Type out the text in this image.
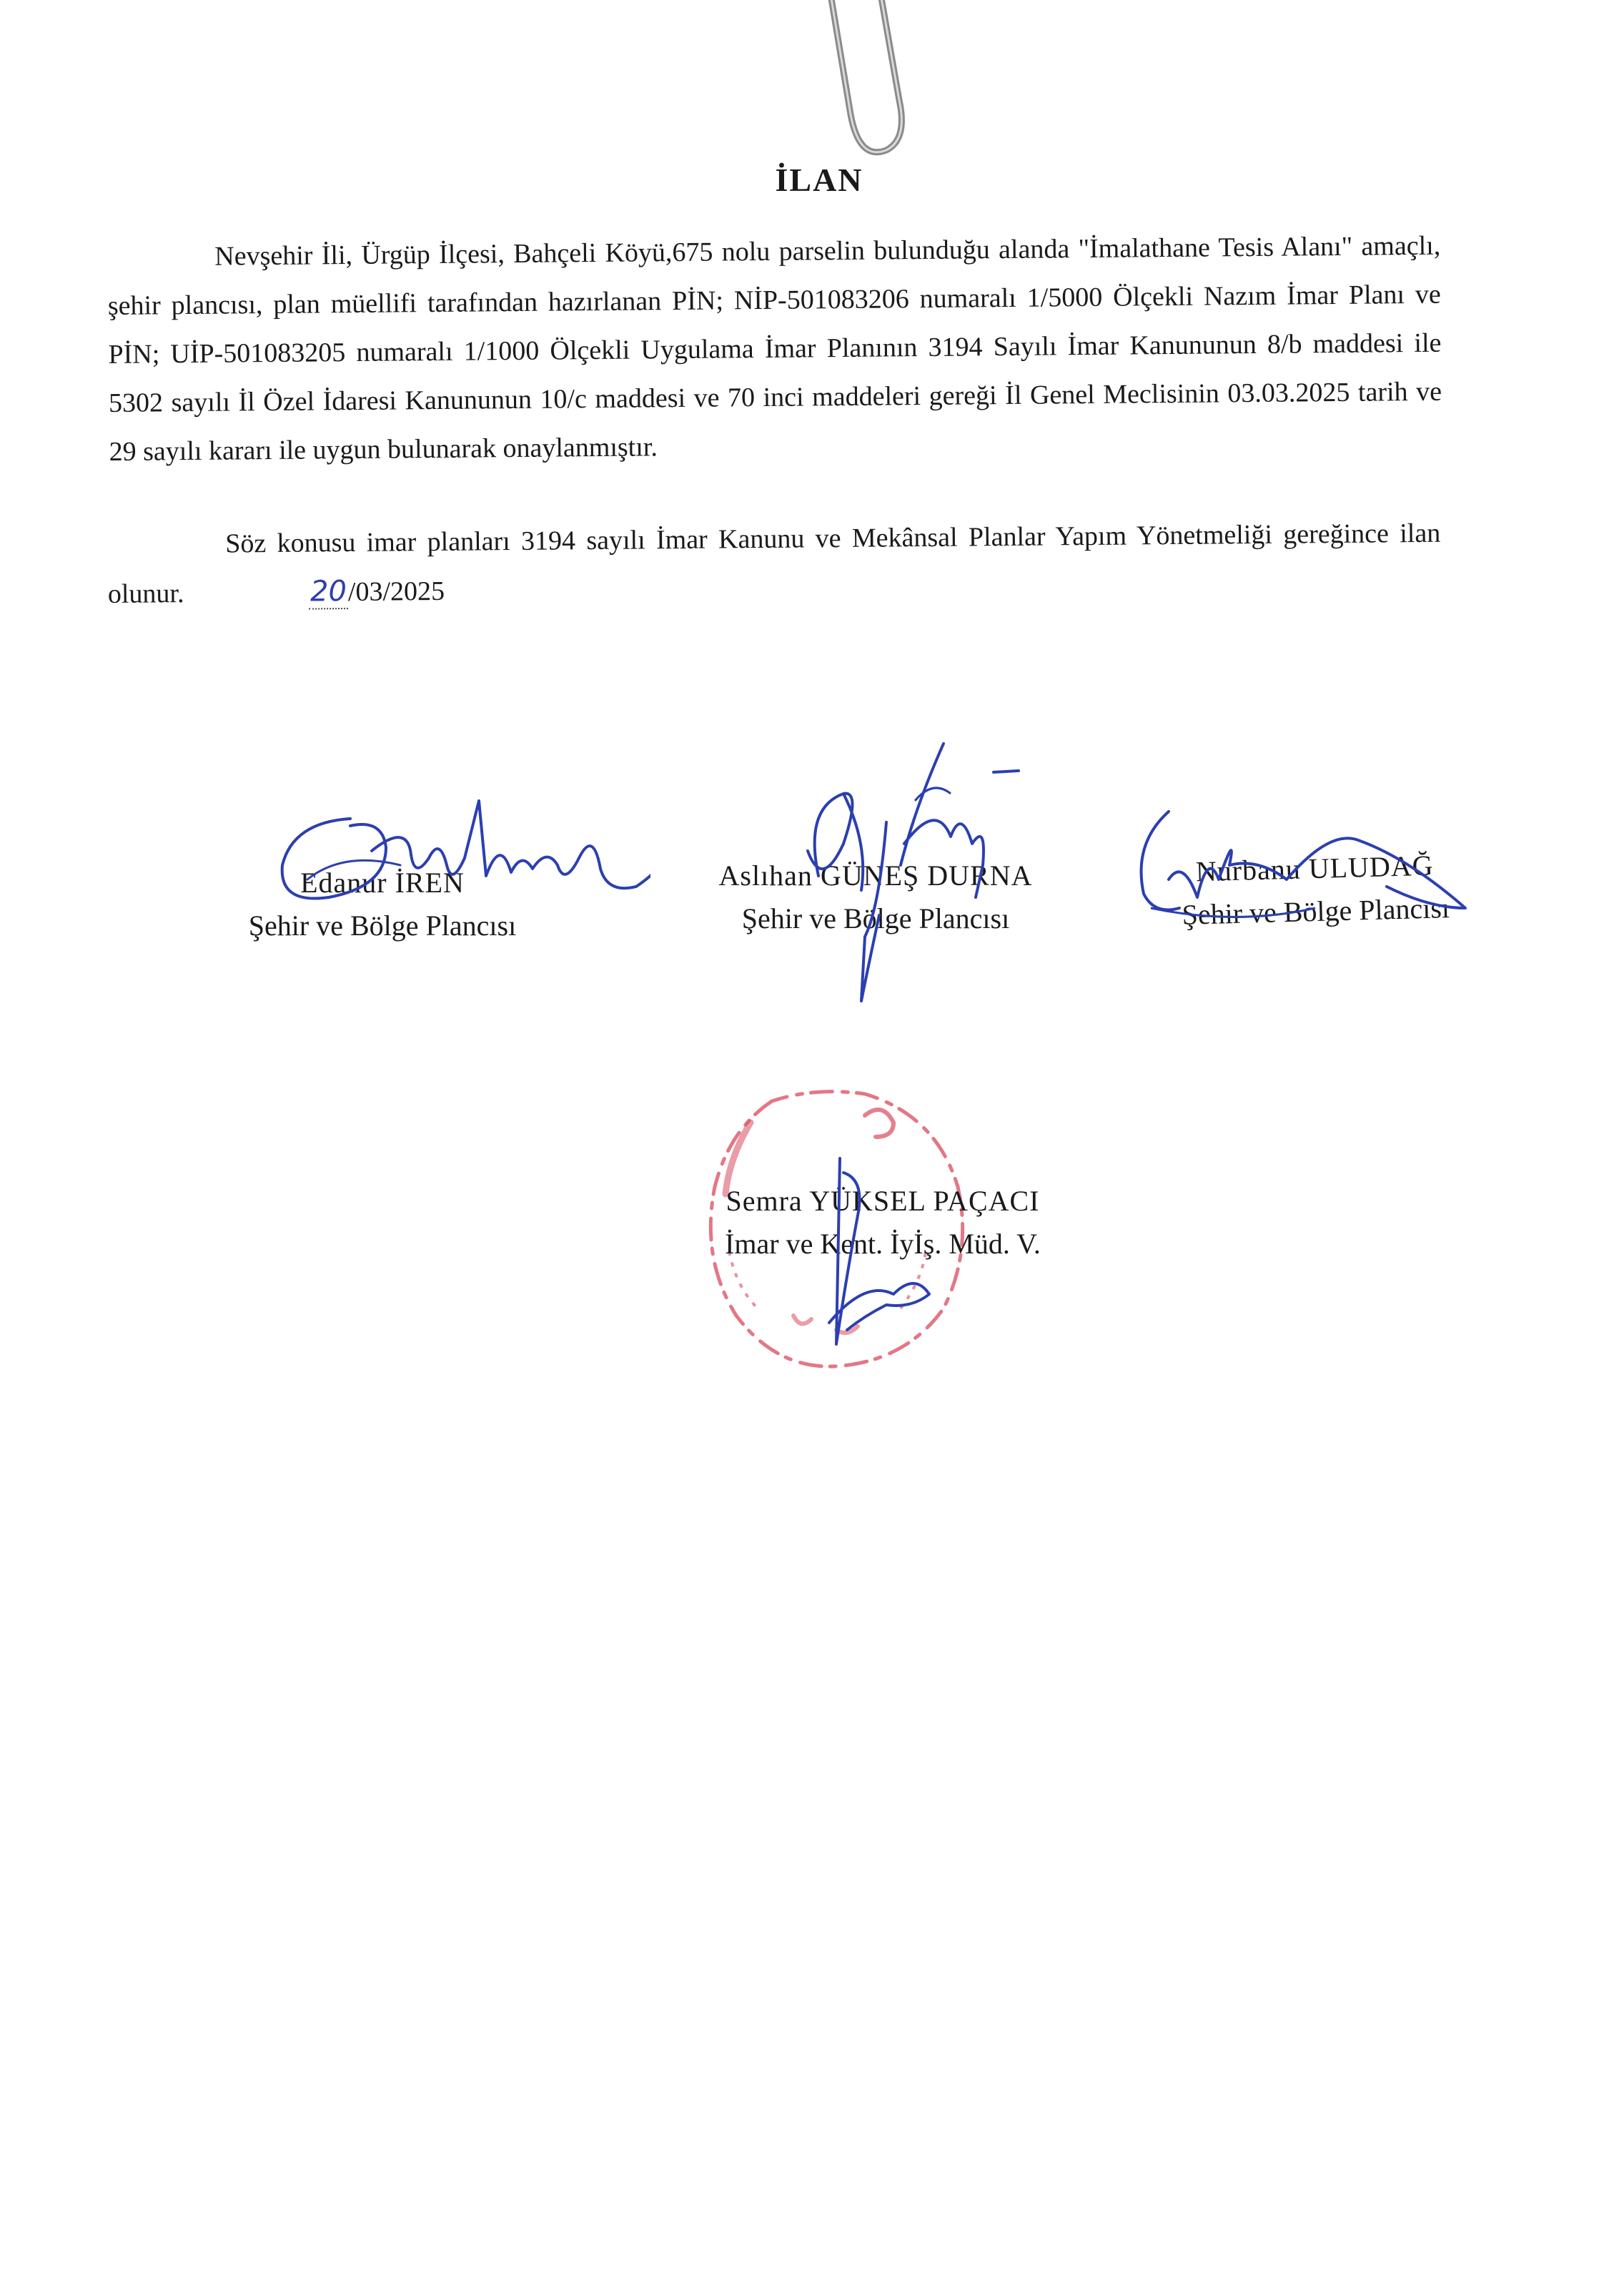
İLAN
Nevşehir İli, Ürgüp İlçesi, Bahçeli Köyü,675 nolu parselin bulunduğu alanda "İmalathane Tesis Alanı" amaçlı, şehir plancısı, plan müellifi tarafından hazırlanan PİN; NİP-501083206 numaralı 1/5000 Ölçekli Nazım İmar Planı ve PİN; UİP-501083205 numaralı 1/1000 Ölçekli Uygulama İmar Planının 3194 Sayılı İmar Kanununun 8/b maddesi ile 5302 sayılı İl Özel İdaresi Kanununun 10/c maddesi ve 70 inci maddeleri gereği İl Genel Meclisinin 03.03.2025 tarih ve 29 sayılı kararı ile uygun bulunarak onaylanmıştır.
Söz konusu imar planları 3194 sayılı İmar Kanunu ve Mekânsal Planlar Yapım Yönetmeliği gereğince ilan olunur.	20/03/2025
Edanur İREN
Şehir ve Bölge Plancısı
Aslıhan GÜNEŞ DURNA
Şehir ve Bölge Plancısı
Nurbanu ULUDAĞ
Şehir ve Bölge Plancısı
Semra YÜKSEL PAÇACI
İmar ve Kent. İyİş. Müd. V.
